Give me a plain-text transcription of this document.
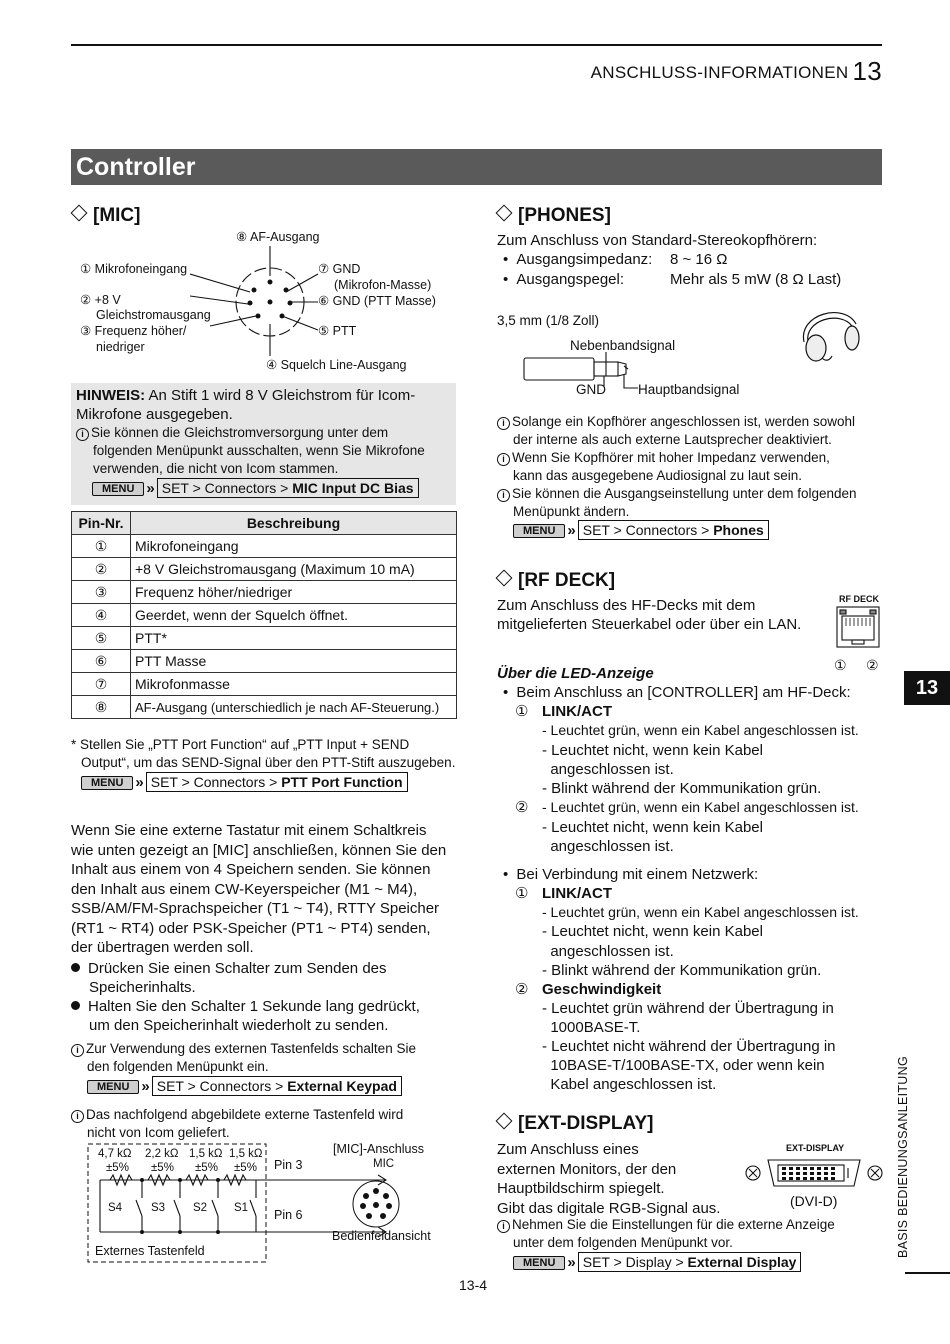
ANSCHLUSS-INFORMATIONEN 13
Controller
[MIC]
⑧ AF-Ausgang
① Mikrofoneingang
② +8 V
Gleichstromausgang
③ Frequenz höher/
niedriger
⑦ GND
(Mikrofon-Masse)
⑥ GND (PTT Masse)
⑤ PTT
④ Squelch Line-Ausgang
HINWEIS: An Stift 1 wird 8 V Gleichstrom für Icom-
Mikrofone ausgegeben.
i Sie können die Gleichstromversorgung unter dem
folgenden Menüpunkt ausschalten, wenn Sie Mikrofone
verwenden, die nicht von Icom stammen.
MENU » SET > Connectors > MIC Input DC Bias
Pin-Nr.	Beschreibung
①	Mikrofoneingang
②	+8 V Gleichstromausgang (Maximum 10 mA)
③	Frequenz höher/niedriger
④	Geerdet, wenn der Squelch öffnet.
⑤	PTT*
⑥	PTT Masse
⑦	Mikrofonmasse
⑧	AF-Ausgang (unterschiedlich je nach AF-Steuerung.)
* Stellen Sie „PTT Port Function“ auf „PTT Input + SEND
Output“, um das SEND-Signal über den PTT-Stift auszugeben.
MENU » SET > Connectors > PTT Port Function
Wenn Sie eine externe Tastatur mit einem Schaltkreis
wie unten gezeigt an [MIC] anschließen, können Sie den
Inhalt aus einem von 4 Speichern senden. Sie können
den Inhalt aus einem CW-Keyerspeicher (M1 ~ M4),
SSB/AM/FM-Sprachspeicher (T1 ~ T4), RTTY Speicher
(RT1 ~ RT4) oder PSK-Speicher (PT1 ~ PT4) senden,
der übertragen werden soll.
Drücken Sie einen Schalter zum Senden des
Speicherinhalts.
Halten Sie den Schalter 1 Sekunde lang gedrückt,
um den Speicherinhalt wiederholt zu senden.
i Zur Verwendung des externen Tastenfelds schalten Sie
den folgenden Menüpunkt ein.
MENU » SET > Connectors > External Keypad
i Das nachfolgend abgebildete externe Tastenfeld wird
nicht von Icom geliefert.
4,7 kΩ 2,2 kΩ 1,5 kΩ 1,5 kΩ
±5% ±5% ±5% ±5%
S4	S3 S2 S1
Pin 3
Pin 6
Externes Tastenfeld
[MIC]-Anschluss
MIC
Bedienfeldansicht
[PHONES]
Zum Anschluss von Standard-Stereokopfhörern:
• Ausgangsimpedanz: 8 ~ 16 Ω
• Ausgangspegel:	Mehr als 5 mW (8 Ω Last)
3,5 mm (1/8 Zoll)
Nebenbandsignal
GND Hauptbandsignal
i Solange ein Kopfhörer angeschlossen ist, werden sowohl
der interne als auch externe Lautsprecher deaktiviert.
i Wenn Sie Kopfhörer mit hoher Impedanz verwenden,
kann das ausgegebene Audiosignal zu laut sein.
i Sie können die Ausgangseinstellung unter dem folgenden
Menüpunkt ändern.
MENU » SET > Connectors > Phones
[RF DECK]
Zum Anschluss des HF-Decks mit dem
mitgelieferten Steuerkabel oder über ein LAN.
RF DECK
① ②
Über die LED-Anzeige
• Beim Anschluss an [CONTROLLER] am HF-Deck:
① LINK/ACT
- Leuchtet grün, wenn ein Kabel angeschlossen ist.
- Leuchtet nicht, wenn kein Kabel
angeschlossen ist.
- Blinkt während der Kommunikation grün.
② - Leuchtet grün, wenn ein Kabel angeschlossen ist.
- Leuchtet nicht, wenn kein Kabel
angeschlossen ist.
• Bei Verbindung mit einem Netzwerk:
① LINK/ACT
- Leuchtet grün, wenn ein Kabel angeschlossen ist.
- Leuchtet nicht, wenn kein Kabel
angeschlossen ist.
- Blinkt während der Kommunikation grün.
② Geschwindigkeit
- Leuchtet grün während der Übertragung in
1000BASE-T.
- Leuchtet nicht während der Übertragung in
10BASE-T/100BASE-TX, oder wenn kein
Kabel angeschlossen ist.
[EXT-DISPLAY]
Zum Anschluss eines
externen Monitors, der den
Hauptbildschirm spiegelt.
Gibt das digitale RGB-Signal aus.
EXT-DISPLAY
(DVI-D)
i Nehmen Sie die Einstellungen für die externe Anzeige
unter dem folgenden Menüpunkt vor.
MENU » SET > Display > External Display
13
BASIS BEDIENUNGSANLEITUNG
13-4
